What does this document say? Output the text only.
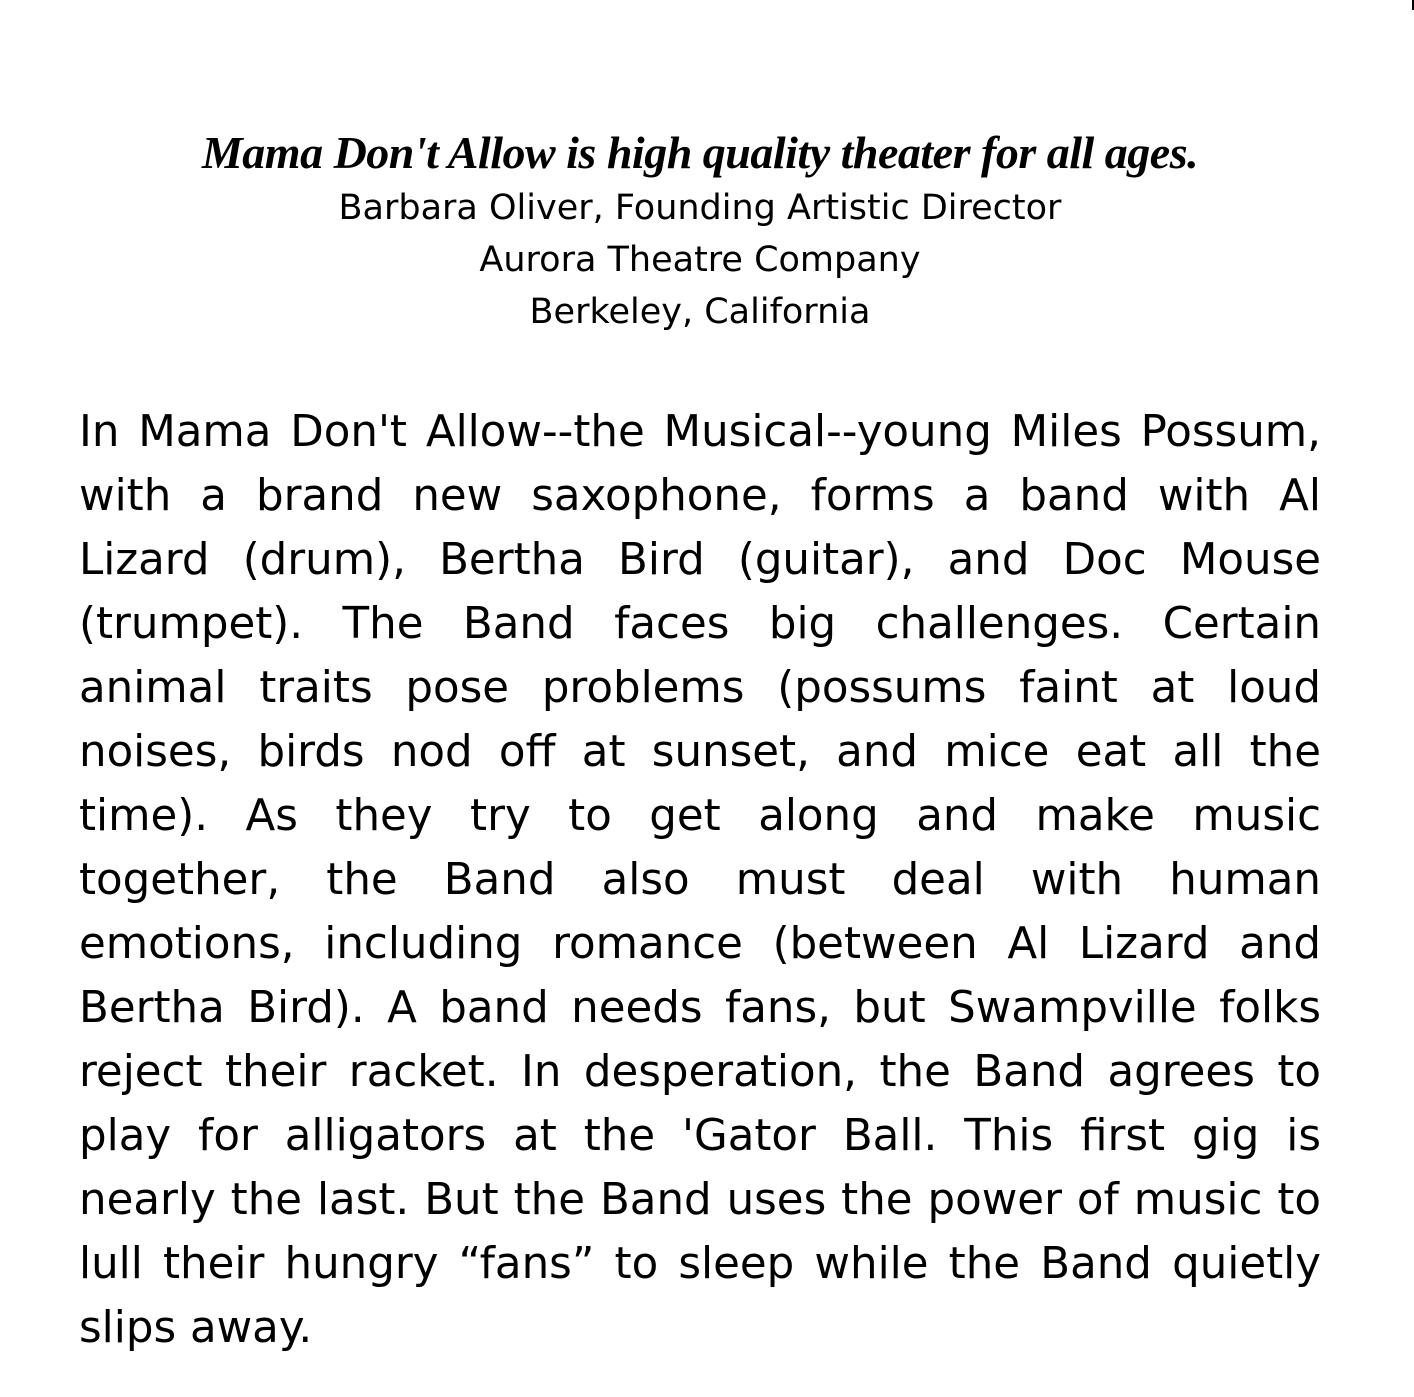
Mama Don't Allow is high quality theater for all ages.

Barbara Oliver, Founding Artistic Director

Aurora Theatre Company

Berkeley, California

In Mama Don't Allow--the Musical--young Miles Possum, with a brand new saxophone, forms a band with Al Lizard (drum), Bertha Bird (guitar), and Doc Mouse (trumpet). The Band faces big challenges. Certain animal traits pose problems (possums faint at loud noises, birds nod off at sunset, and mice eat all the time). As they try to get along and make music together, the Band also must deal with human emotions, including romance (between Al Lizard and Bertha Bird). A band needs fans, but Swampville folks reject their racket. In desperation, the Band agrees to play for alligators at the 'Gator Ball. This first gig is nearly the last. But the Band uses the power of music to lull their hungry “fans” to sleep while the Band quietly slips away.
